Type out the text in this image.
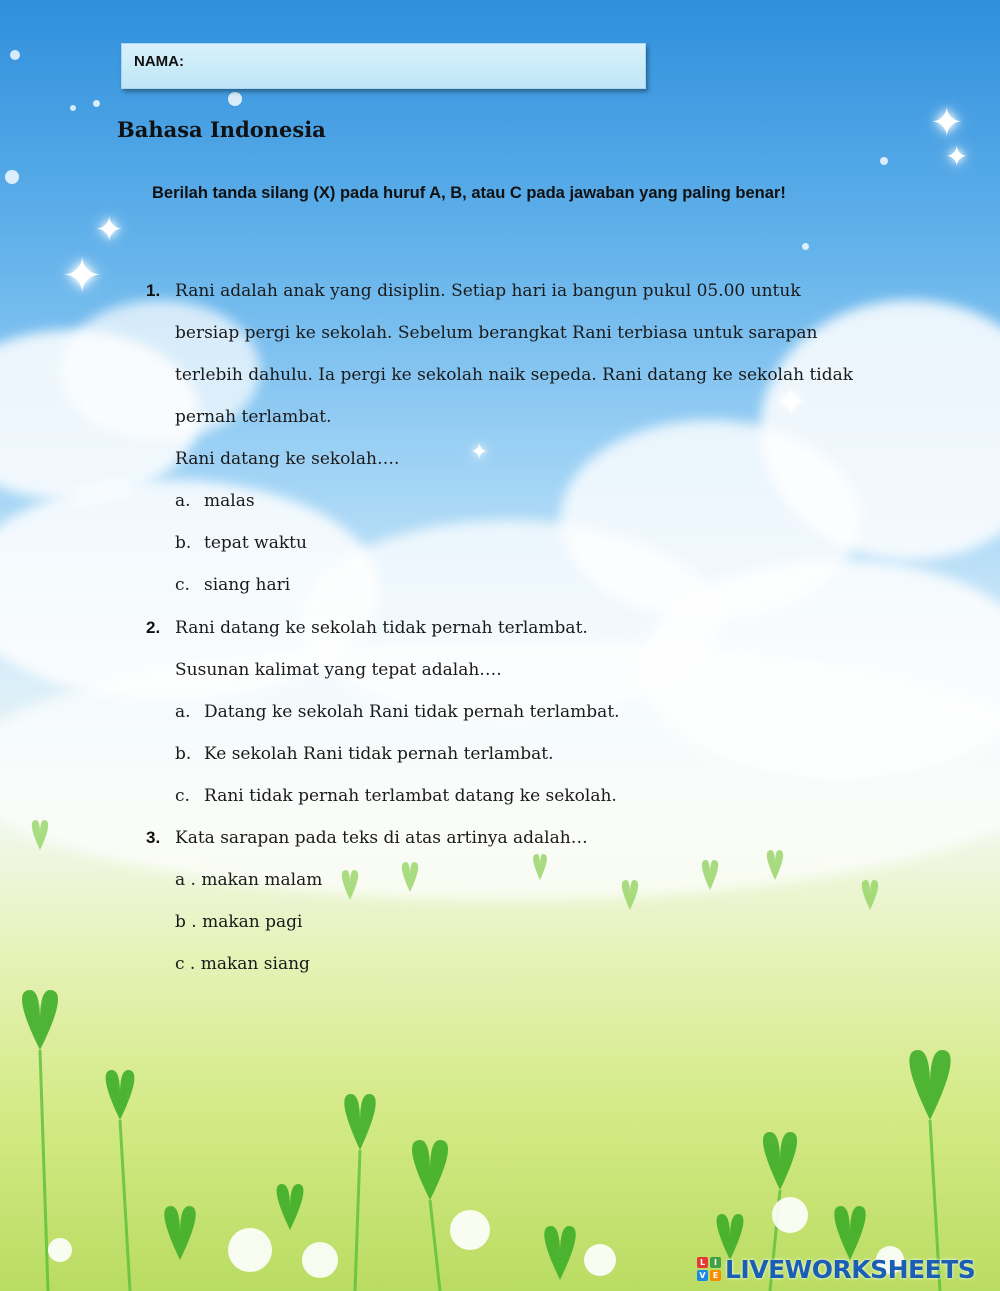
✦
✦
✦
✦
✦
✦
NAMA:
Bahasa Indonesia
Berilah tanda silang (X) pada huruf A, B, atau C pada jawaban yang paling benar!
1. Rani adalah anak yang disiplin. Setiap hari ia bangun pukul 05.00 untuk
bersiap pergi ke sekolah. Sebelum berangkat Rani terbiasa untuk sarapan
terlebih dahulu. Ia pergi ke sekolah naik sepeda. Rani datang ke sekolah tidak
pernah terlambat.
Rani datang ke sekolah….
a. malas
b. tepat waktu
c. siang hari
2. Rani datang ke sekolah tidak pernah terlambat.
Susunan kalimat yang tepat adalah….
a. Datang ke sekolah Rani tidak pernah terlambat.
b. Ke sekolah Rani tidak pernah terlambat.
c. Rani tidak pernah terlambat datang ke sekolah.
3. Kata sarapan pada teks di atas artinya adalah…
a . makan malam
b . makan pagi
c . makan siang
L	I
V E LIVEWORKSHEETS
